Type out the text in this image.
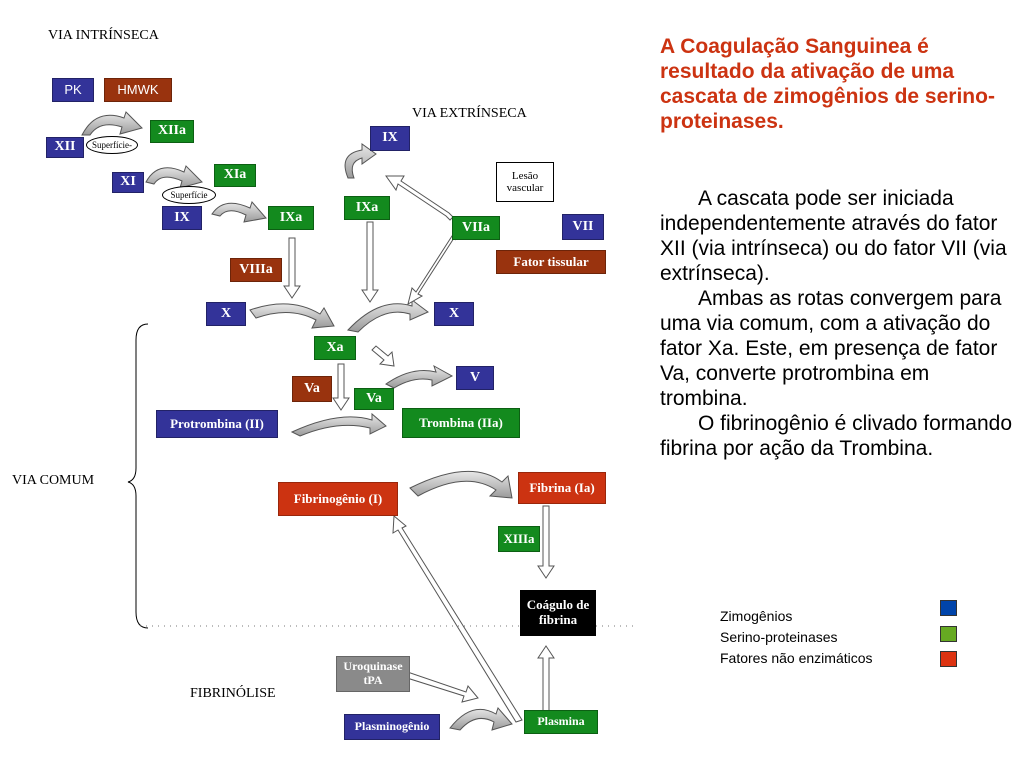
VIA INTRÍNSECA
VIA EXTRÍNSECA
VIA COMUM
FIBRINÓLISE
PK	HMWK
XII
XIIa
Superfície-
XI	XIa
Superfície
IX	IXa
VIIIa
IX
IXa
Lesão vascular
VIIa	VII
Fator tissular
X	X
Xa
V
Va
Va
Protrombina (II)	Trombina (IIa)
Fibrinogênio (I)
Fibrina (Ia)
XIIIa
Coágulo de fibrina
Uroquinase tPA
Plasminogênio	Plasmina
A Coagulação Sanguinea é resultado da ativação de uma cascata de zimogênios de serino-proteinases.

A cascata pode ser iniciada independentemente através do fator XII (via intrínseca) ou do fator VII (via extrínseca).

Ambas as rotas convergem para uma via comum, com a ativação do fator Xa. Este, em presença de fator Va, converte protrombina em trombina.

O fibrinogênio é clivado formando fibrina por ação da Trombina.

Zimogênios
Serino-proteinases
Fatores não enzimáticos
